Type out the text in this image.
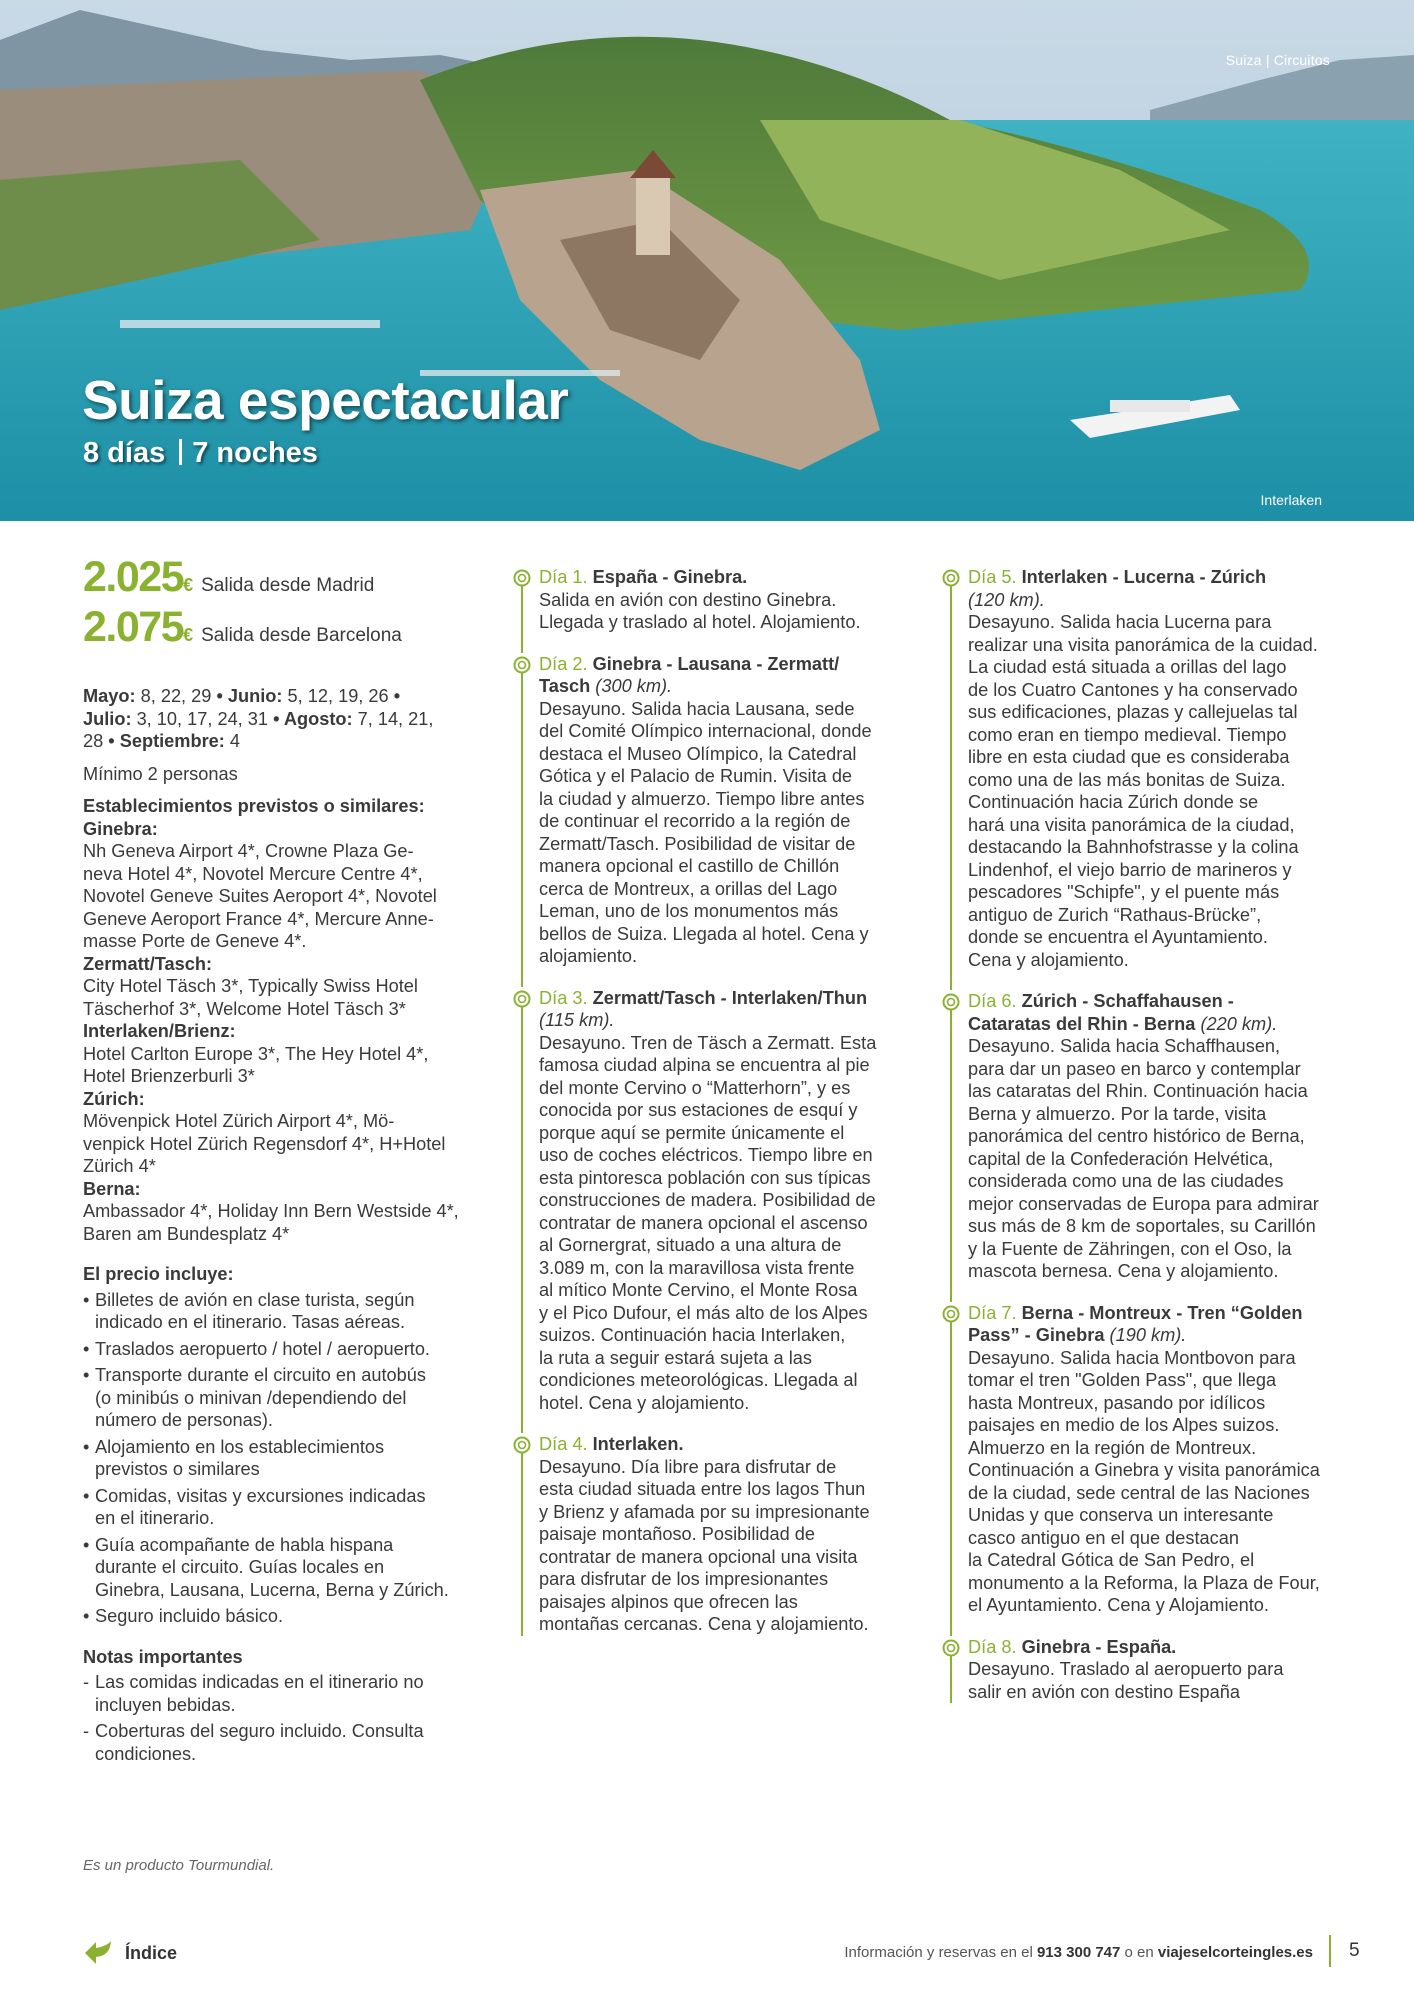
Suiza | Circuitos
Suiza espectacular
8 días 7 noches
Interlaken
2.025 € Salida desde Madrid
2.075 € Salida desde Barcelona
Mayo: 8, 22, 29 • Junio: 5, 12, 19, 26 •
Julio: 3, 10, 17, 24, 31 • Agosto: 7, 14, 21,
28 • Septiembre: 4
Mínimo 2 personas
Establecimientos previstos o similares:
Ginebra:
Nh Geneva Airport 4*, Crowne Plaza Ge-
neva Hotel 4*, Novotel Mercure Centre 4*,
Novotel Geneve Suites Aeroport 4*, Novotel
Geneve Aeroport France 4*, Mercure Anne-
masse Porte de Geneve 4*.
Zermatt/Tasch:
City Hotel Täsch 3*, Typically Swiss Hotel
Täscherhof 3*, Welcome Hotel Täsch 3*
Interlaken/Brienz:
Hotel Carlton Europe 3*, The Hey Hotel 4*,
Hotel Brienzerburli 3*
Zúrich:
Mövenpick Hotel Zürich Airport 4*, Mö-
venpick Hotel Zürich Regensdorf 4*, H+Hotel
Zürich 4*
Berna:
Ambassador 4*, Holiday Inn Bern Westside 4*,
Baren am Bundesplatz 4*
El precio incluye:
• Billetes de avión en clase turista, según
indicado en el itinerario. Tasas aéreas.
• Traslados aeropuerto / hotel / aeropuerto.
• Transporte durante el circuito en autobús
(o minibús o minivan /dependiendo del
número de personas).
• Alojamiento en los establecimientos
previstos o similares
• Comidas, visitas y excursiones indicadas
en el itinerario.
• Guía acompañante de habla hispana
durante el circuito. Guías locales en
Ginebra, Lausana, Lucerna, Berna y Zúrich.
• Seguro incluido básico.
Notas importantes
- Las comidas indicadas en el itinerario no
incluyen bebidas.
- Coberturas del seguro incluido. Consulta
condiciones.
Es un producto Tourmundial.
Día 1. España - Ginebra.
Salida en avión con destino Ginebra.
Llegada y traslado al hotel. Alojamiento.
Día 2. Ginebra - Lausana - Zermatt/
Tasch (300 km).
Desayuno. Salida hacia Lausana, sede
del Comité Olímpico internacional, donde
destaca el Museo Olímpico, la Catedral
Gótica y el Palacio de Rumin. Visita de
la ciudad y almuerzo. Tiempo libre antes
de continuar el recorrido a la región de
Zermatt/Tasch. Posibilidad de visitar de
manera opcional el castillo de Chillón
cerca de Montreux, a orillas del Lago
Leman, uno de los monumentos más
bellos de Suiza. Llegada al hotel. Cena y
alojamiento.
Día 3. Zermatt/Tasch - Interlaken/Thun
(115 km).
Desayuno. Tren de Täsch a Zermatt. Esta
famosa ciudad alpina se encuentra al pie
del monte Cervino o “Matterhorn”, y es
conocida por sus estaciones de esquí y
porque aquí se permite únicamente el
uso de coches eléctricos. Tiempo libre en
esta pintoresca población con sus típicas
construcciones de madera. Posibilidad de
contratar de manera opcional el ascenso
al Gornergrat, situado a una altura de
3.089 m, con la maravillosa vista frente
al mítico Monte Cervino, el Monte Rosa
y el Pico Dufour, el más alto de los Alpes
suizos. Continuación hacia Interlaken,
la ruta a seguir estará sujeta a las
condiciones meteorológicas. Llegada al
hotel. Cena y alojamiento.
Día 4. Interlaken.
Desayuno. Día libre para disfrutar de
esta ciudad situada entre los lagos Thun
y Brienz y afamada por su impresionante
paisaje montañoso. Posibilidad de
contratar de manera opcional una visita
para disfrutar de los impresionantes
paisajes alpinos que ofrecen las
montañas cercanas. Cena y alojamiento.
Día 5. Interlaken - Lucerna - Zúrich
(120 km).
Desayuno. Salida hacia Lucerna para
realizar una visita panorámica de la cuidad.
La ciudad está situada a orillas del lago
de los Cuatro Cantones y ha conservado
sus edificaciones, plazas y callejuelas tal
como eran en tiempo medieval. Tiempo
libre en esta ciudad que es consideraba
como una de las más bonitas de Suiza.
Continuación hacia Zúrich donde se
hará una visita panorámica de la ciudad,
destacando la Bahnhofstrasse y la colina
Lindenhof, el viejo barrio de marineros y
pescadores "Schipfe", y el puente más
antiguo de Zurich “Rathaus-Brücke”,
donde se encuentra el Ayuntamiento.
Cena y alojamiento.
Día 6. Zúrich - Schaffahausen -
Cataratas del Rhin - Berna (220 km).
Desayuno. Salida hacia Schaffhausen,
para dar un paseo en barco y contemplar
las cataratas del Rhin. Continuación hacia
Berna y almuerzo. Por la tarde, visita
panorámica del centro histórico de Berna,
capital de la Confederación Helvética,
considerada como una de las ciudades
mejor conservadas de Europa para admirar
sus más de 8 km de soportales, su Carillón
y la Fuente de Zähringen, con el Oso, la
mascota bernesa. Cena y alojamiento.
Día 7. Berna - Montreux - Tren “Golden
Pass” - Ginebra (190 km).
Desayuno. Salida hacia Montbovon para
tomar el tren "Golden Pass", que llega
hasta Montreux, pasando por idílicos
paisajes en medio de los Alpes suizos.
Almuerzo en la región de Montreux.
Continuación a Ginebra y visita panorámica
de la ciudad, sede central de las Naciones
Unidas y que conserva un interesante
casco antiguo en el que destacan
la Catedral Gótica de San Pedro, el
monumento a la Reforma, la Plaza de Four,
el Ayuntamiento. Cena y Alojamiento.
Día 8. Ginebra - España.
Desayuno. Traslado al aeropuerto para
salir en avión con destino España
Índice	Información y reservas en el 913 300 747 o en viajeselcorteingles.es 5
